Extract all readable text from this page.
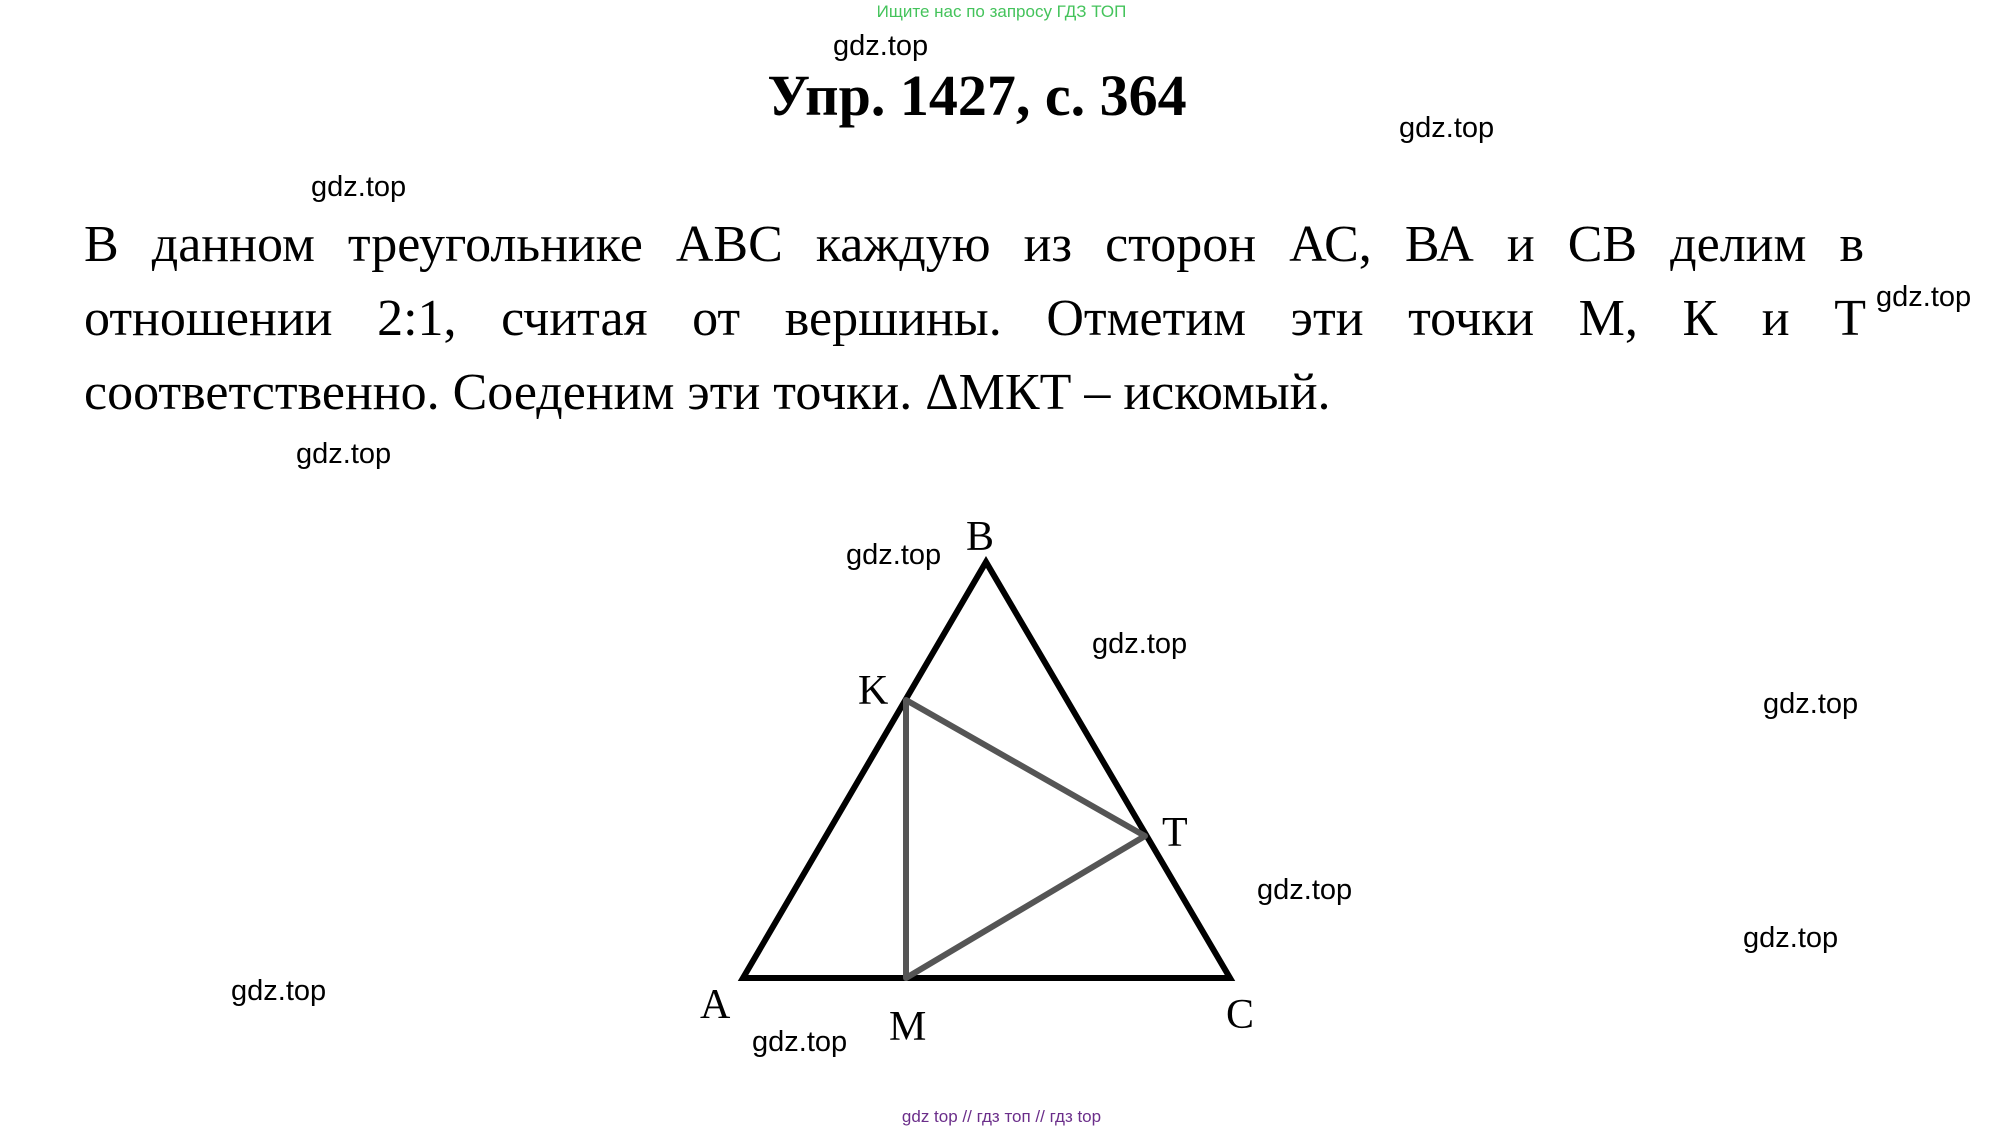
Ищите нас по запросу ГДЗ ТОП
Упр. 1427, с. 364
В данном треугольнике АВС каждую из сторон АС, ВА и СВ делим в
отношении 2:1, считая от вершины. Отметим эти точки М, К и Т
соответственно. Соеденим эти точки. ΔМКТ – искомый.
gdz.top
gdz.top
gdz.top
gdz.top
gdz.top
gdz.top
gdz.top
gdz.top
gdz.top
gdz.top
gdz.top
gdz.top
B
K
T
A	M	C
gdz top // гдз топ // гдз top
